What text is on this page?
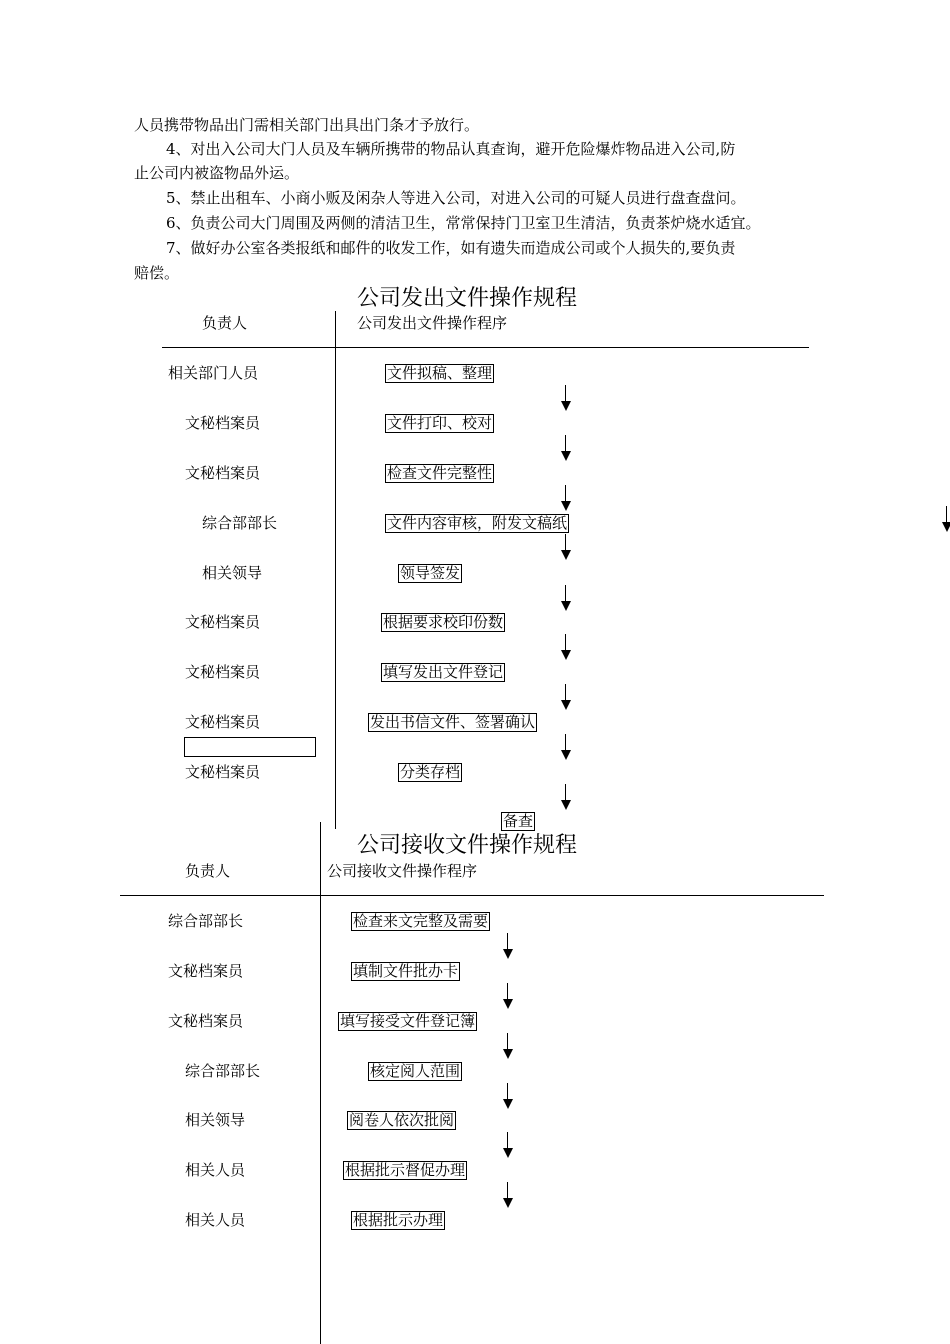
人员携带物品出门需相关部门出具出门条才予放行。
4、对出入公司大门人员及车辆所携带的物品认真查询，避开危险爆炸物品进入公司,防
止公司内被盗物品外运。
5、禁止出租车、小商小贩及闲杂人等进入公司，对进入公司的可疑人员进行盘查盘问。
6、负责公司大门周围及两侧的清洁卫生，常常保持门卫室卫生清洁，负责茶炉烧水适宜。
7、做好办公室各类报纸和邮件的收发工作，如有遗失而造成公司或个人损失的,要负责
赔偿。
公司发出文件操作规程
负责人	公司发出文件操作程序
相关部门人员
文秘档案员
文秘档案员
综合部部长
相关领导
文秘档案员
文秘档案员
文秘档案员
文秘档案员
文件拟稿、整理
文件打印、校对
检查文件完整性
文件内容审核，附发文稿纸
领导签发
根据要求校印份数
填写发出文件登记
发出书信文件、签署确认
分类存档
备查
公司接收文件操作规程
负责人	公司接收文件操作程序
综合部部长
文秘档案员
文秘档案员
综合部部长
相关领导
相关人员
相关人员
检查来文完整及需要
填制文件批办卡
填写接受文件登记簿
核定阅人范围
阅卷人依次批阅
根据批示督促办理
根据批示办理
